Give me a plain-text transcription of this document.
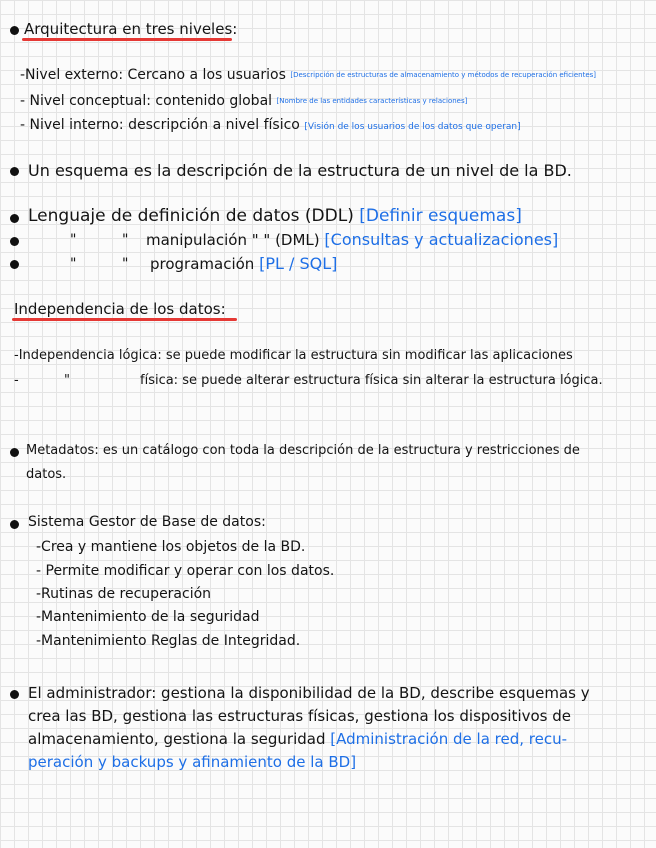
Arquitectura en tres niveles:
-Nivel externo: Cercano a los usuarios [Descripción de estructuras de almacenamiento y métodos de recuperación eficientes]
- Nivel conceptual: contenido global [Nombre de las entidades características y relaciones]
- Nivel interno: descripción a nivel físico [Visión de los usuarios de los datos que operan]
Un esquema es la descripción de la estructura de un nivel de la BD.
Lenguaje de definición de datos (DDL) [Definir esquemas]
"	" manipulación " " (DML) [Consultas y actualizaciones]
"	" programación [PL / SQL]
Independencia de los datos:
-Independencia lógica: se puede modificar la estructura sin modificar las aplicaciones
-	"	física: se puede alterar estructura física sin alterar la estructura lógica.
Metadatos: es un catálogo con toda la descripción de la estructura y restricciones de
datos.
Sistema Gestor de Base de datos:
-Crea y mantiene los objetos de la BD.
- Permite modificar y operar con los datos.
-Rutinas de recuperación
-Mantenimiento de la seguridad
-Mantenimiento Reglas de Integridad.
El administrador: gestiona la disponibilidad de la BD, describe esquemas y
crea las BD, gestiona las estructuras físicas, gestiona los dispositivos de
almacenamiento, gestiona la seguridad [Administración de la red, recu-
peración y backups y afinamiento de la BD]
